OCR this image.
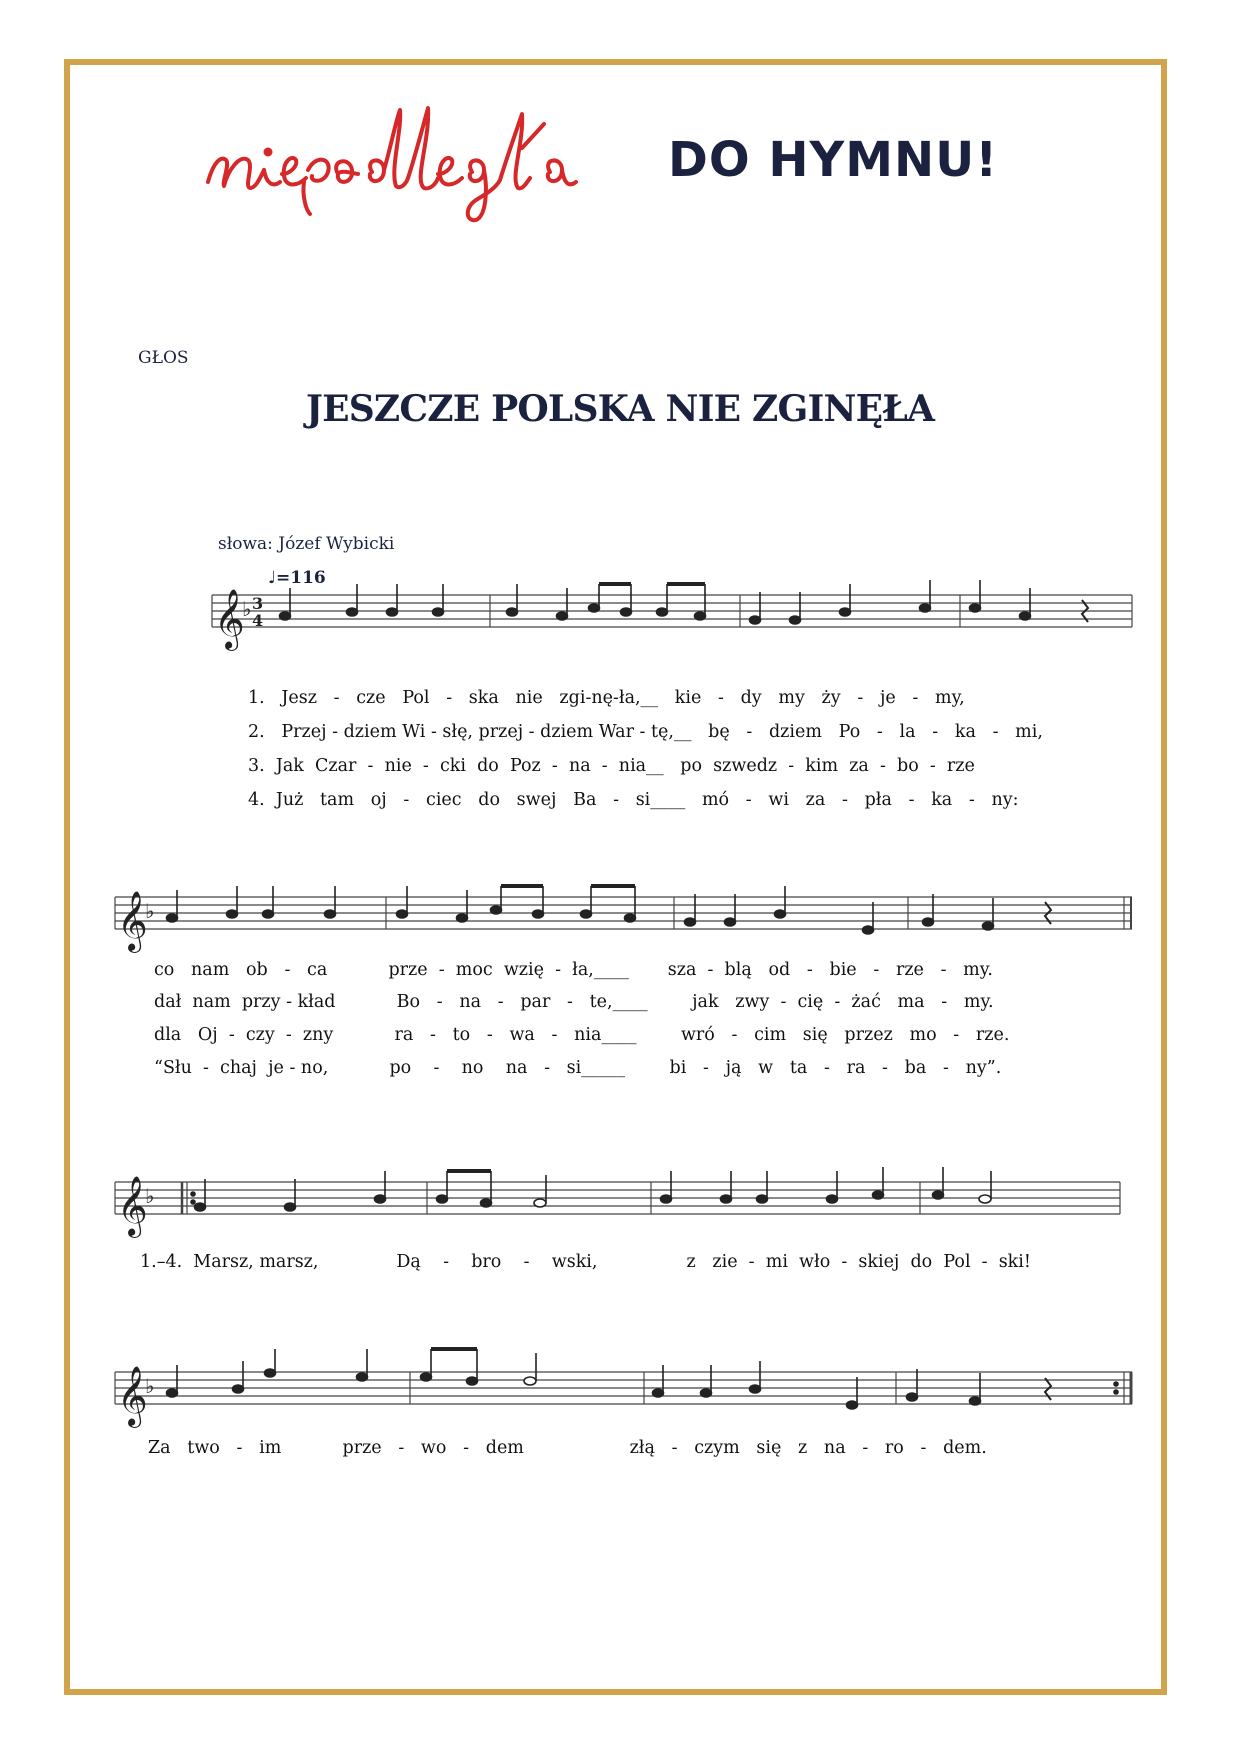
DO HYMNU!
GŁOS
JESZCZE POLSKA NIE ZGINĘŁA
słowa: Józef Wybicki
♩=116
𝄞
♭ 3
4
𝄞
♭
𝄞
♭
𝄞
♭
1.   Jesz   -   cze   Pol   -   ska   nie   zgi-nę-ła,__   kie   -   dy   my   ży   -   je   -   my,
2.   Przej - dziem Wi - słę, przej - dziem War - tę,__   bę   -   dziem   Po   -   la   -   ka   -   mi,
3.  Jak  Czar  -  nie  -  cki  do  Poz  -  na  -  nia__   po  szwedz  -  kim  za  -  bo  -  rze
4.  Już   tam   oj   -   ciec   do   swej   Ba   -   si____   mó   -   wi   za   -   pła   -   ka   -   ny:
co   nam   ob   -   ca           prze  -  moc  wzię  -  ła,____       sza  -  blą   od   -   bie   -   rze   -   my.
dał  nam  przy - kład           Bo   -   na   -   par   -   te,____        jak   zwy  -  cię  -  żać   ma   -   my.
dla   Oj  -  czy  -  zny           ra   -   to   -   wa   -   nia____        wró   -   cim   się   przez   mo   -   rze.
“Słu  -  chaj  je - no,           po    -    no    na   -   si_____        bi   -   ją   w   ta   -   ra   -   ba   -   ny”.
1.–4.  Marsz, marsz,              Dą    -    bro    -    wski,                z   zie  -  mi  wło  -  skiej  do  Pol  -  ski!
Za   two   -   im           prze   -   wo   -   dem                   złą   -   czym   się   z   na   -   ro   -   dem.
